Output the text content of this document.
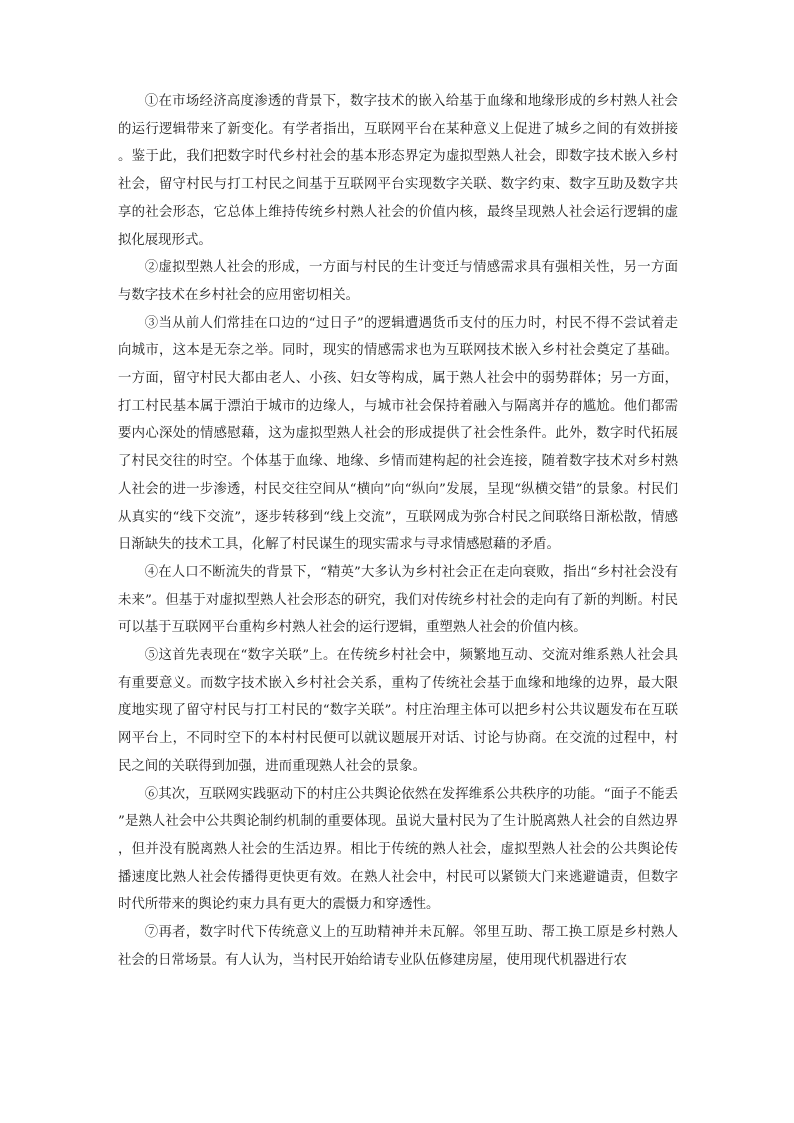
①在市场经济高度渗透的背景下，数字技术的嵌入给基于血缘和地缘形成的乡村熟人社会的运行逻辑带来了新变化。有学者指出，互联网平台在某种意义上促进了城乡之间的有效拼接。鉴于此，我们把数字时代乡村社会的基本形态界定为虚拟型熟人社会，即数字技术嵌入乡村社会，留守村民与打工村民之间基于互联网平台实现数字关联、数字约束、数字互助及数字共享的社会形态，它总体上维持传统乡村熟人社会的价值内核，最终呈现熟人社会运行逻辑的虚拟化展现形式。

②虚拟型熟人社会的形成，一方面与村民的生计变迁与情感需求具有强相关性，另一方面与数字技术在乡村社会的应用密切相关。

③当从前人们常挂在口边的“过日子”的逻辑遭遇货币支付的压力时，村民不得不尝试着走向城市，这本是无奈之举。同时，现实的情感需求也为互联网技术嵌入乡村社会奠定了基础。一方面，留守村民大都由老人、小孩、妇女等构成，属于熟人社会中的弱势群体；另一方面，打工村民基本属于漂泊于城市的边缘人，与城市社会保持着融入与隔离并存的尴尬。他们都需要内心深处的情感慰藉，这为虚拟型熟人社会的形成提供了社会性条件。此外，数字时代拓展了村民交往的时空。个体基于血缘、地缘、乡情而建构起的社会连接，随着数字技术对乡村熟人社会的进一步渗透，村民交往空间从“横向”向“纵向”发展，呈现“纵横交错”的景象。村民们从真实的“线下交流”，逐步转移到“线上交流”，互联网成为弥合村民之间联络日渐松散，情感日渐缺失的技术工具，化解了村民谋生的现实需求与寻求情感慰藉的矛盾。

④在人口不断流失的背景下，“精英”大多认为乡村社会正在走向衰败，指出“乡村社会没有未来”。但基于对虚拟型熟人社会形态的研究，我们对传统乡村社会的走向有了新的判断。村民可以基于互联网平台重构乡村熟人社会的运行逻辑，重塑熟人社会的价值内核。

⑤这首先表现在“数字关联”上。在传统乡村社会中，频繁地互动、交流对维系熟人社会具有重要意义。而数字技术嵌入乡村社会关系，重构了传统社会基于血缘和地缘的边界，最大限度地实现了留守村民与打工村民的“数字关联”。村庄治理主体可以把乡村公共议题发布在互联网平台上，不同时空下的本村村民便可以就议题展开对话、讨论与协商。在交流的过程中，村民之间的关联得到加强，进而重现熟人社会的景象。

⑥其次，互联网实践驱动下的村庄公共舆论依然在发挥维系公共秩序的功能。“面子不能丢”是熟人社会中公共舆论制约机制的重要体现。虽说大量村民为了生计脱离熟人社会的自然边界，但并没有脱离熟人社会的生活边界。相比于传统的熟人社会，虚拟型熟人社会的公共舆论传播速度比熟人社会传播得更快更有效。在熟人社会中，村民可以紧锁大门来逃避谴责，但数字时代所带来的舆论约束力具有更大的震慑力和穿透性。

⑦再者，数字时代下传统意义上的互助精神并未瓦解。邻里互助、帮工换工原是乡村熟人社会的日常场景。有人认为，当村民开始给请专业队伍修建房屋，使用现代机器进行农
